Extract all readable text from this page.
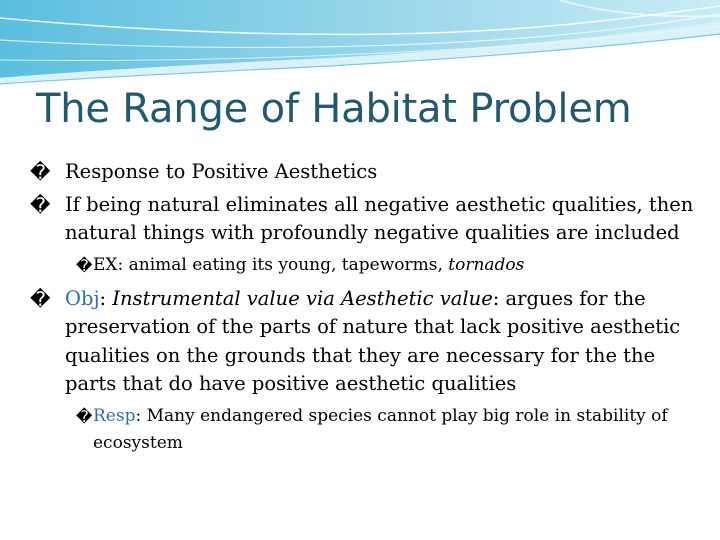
The Range of Habitat Problem
� Response to Positive Aesthetics
� If being natural eliminates all negative aesthetic qualities, then natural things with profoundly negative qualities are included
� EX: animal eating its young, tapeworms, tornados
� Obj: Instrumental value via Aesthetic value: argues for the preservation of the parts of nature that lack positive aesthetic qualities on the grounds that they are necessary for the the parts that do have positive aesthetic qualities
� Resp: Many endangered species cannot play big role in stability of ecosystem
